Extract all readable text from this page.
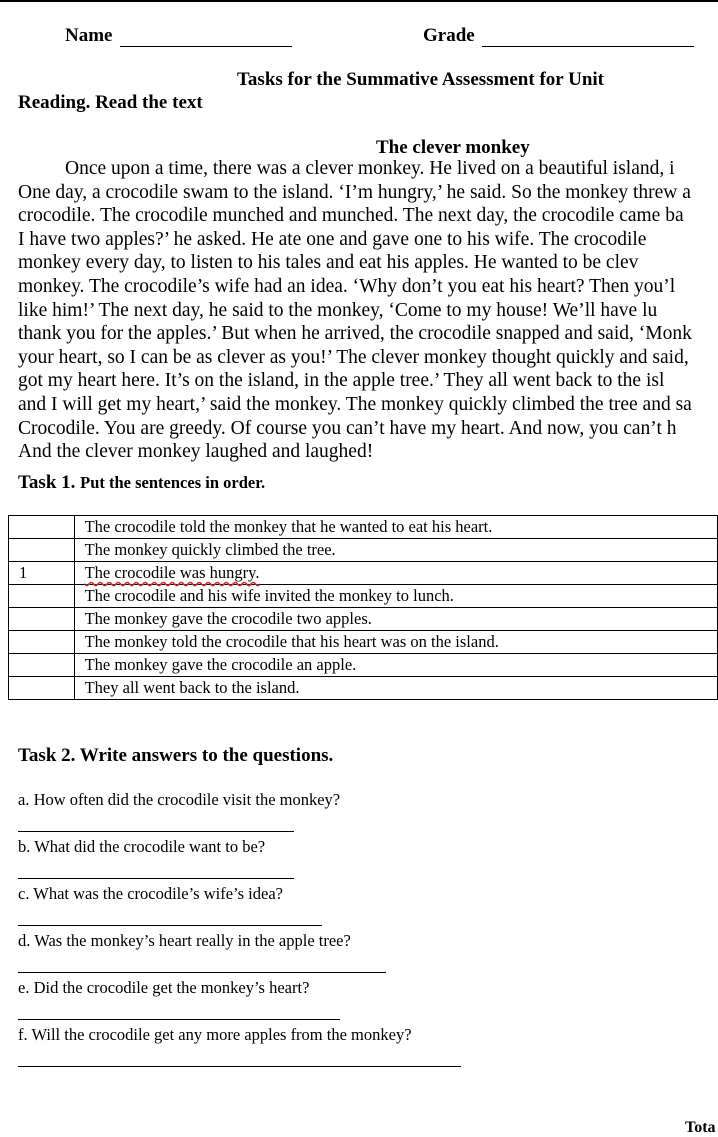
Name	Grade
Tasks for the Summative Assessment for Unit
Reading. Read the text
The clever monkey
Once upon a time, there was a clever monkey. He lived on a beautiful island, i
One day, a crocodile swam to the island. ‘I’m hungry,’ he said. So the monkey threw a
crocodile. The crocodile munched and munched. The next day, the crocodile came ba
I have two apples?’ he asked. He ate one and gave one to his wife. The crocodile
monkey every day, to listen to his tales and eat his apples. He wanted to be clev
monkey. The crocodile’s wife had an idea. ‘Why don’t you eat his heart? Then you’l
like him!’ The next day, he said to the monkey, ‘Come to my house! We’ll have lu
thank you for the apples.’ But when he arrived, the crocodile snapped and said, ‘Monk
your heart, so I can be as clever as you!’ The clever monkey thought quickly and said,
got my heart here. It’s on the island, in the apple tree.’ They all went back to the isl
and I will get my heart,’ said the monkey. The monkey quickly climbed the tree and sa
Crocodile. You are greedy. Of course you can’t have my heart. And now, you can’t h
And the clever monkey laughed and laughed!
Task 1. Put the sentences in order.
	The crocodile told the monkey that he wanted to eat his heart.
	The monkey quickly climbed the tree.
1	The crocodile was hungry.
	The crocodile and his wife invited the monkey to lunch.
	The monkey gave the crocodile two apples.
	The monkey told the crocodile that his heart was on the island.
	The monkey gave the crocodile an apple.
	They all went back to the island.
Task 2. Write answers to the questions.
a. How often did the crocodile visit the monkey?
b. What did the crocodile want to be?
c. What was the crocodile’s wife’s idea?
d. Was the monkey’s heart really in the apple tree?
e. Did the crocodile get the monkey’s heart?
f. Will the crocodile get any more apples from the monkey?
Tota
